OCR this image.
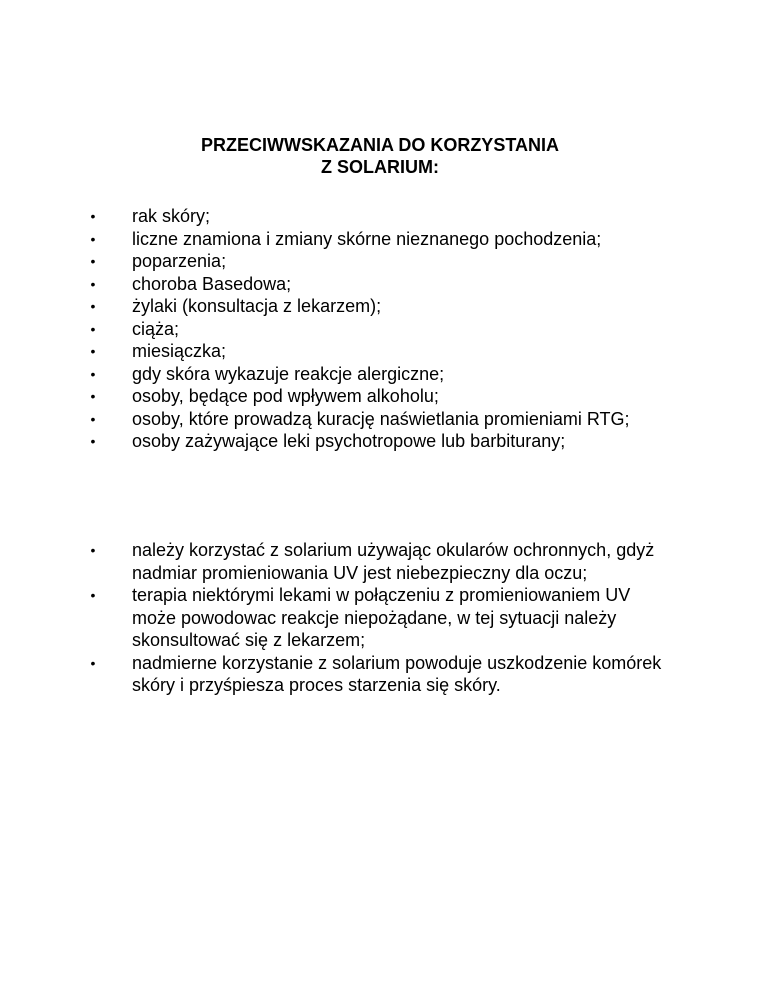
PRZECIWWSKAZANIA DO KORZYSTANIA
Z SOLARIUM:
• rak skóry;
• liczne znamiona i zmiany skórne nieznanego pochodzenia;
• poparzenia;
• choroba Basedowa;
• żylaki (konsultacja z lekarzem);
• ciąża;
• miesiączka;
• gdy skóra wykazuje reakcje alergiczne;
• osoby, będące pod wpływem alkoholu;
• osoby, które prowadzą kurację naświetlania promieniami RTG;
• osoby zażywające leki psychotropowe lub barbiturany;
• należy korzystać z solarium używając okularów ochronnych, gdyż nadmiar promieniowania UV jest niebezpieczny dla oczu;
• terapia niektórymi lekami w połączeniu z promieniowaniem UV może powodowac reakcje niepożądane, w tej sytuacji należy skonsultować się z lekarzem;
• nadmierne korzystanie z solarium powoduje uszkodzenie komórek skóry i przyśpiesza proces starzenia się skóry.
